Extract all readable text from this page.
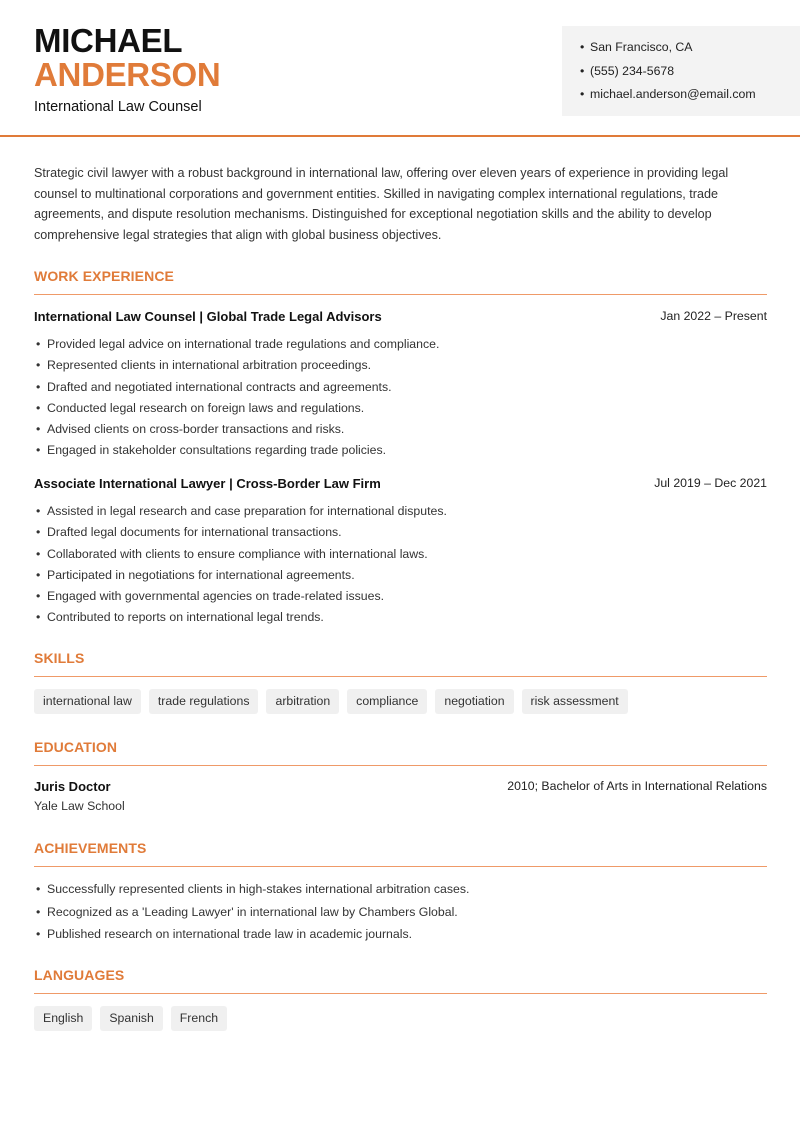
MICHAEL
ANDERSON
International Law Counsel
• San Francisco, CA
• (555) 234-5678
• michael.anderson@email.com

Strategic civil lawyer with a robust background in international law, offering over eleven years of experience in providing legal counsel to multinational corporations and government entities. Skilled in navigating complex international regulations, trade agreements, and dispute resolution mechanisms. Distinguished for exceptional negotiation skills and the ability to develop comprehensive legal strategies that align with global business objectives.

WORK EXPERIENCE
International Law Counsel | Global Trade Legal Advisors	Jan 2022 – Present
• Provided legal advice on international trade regulations and compliance.
• Represented clients in international arbitration proceedings.
• Drafted and negotiated international contracts and agreements.
• Conducted legal research on foreign laws and regulations.
• Advised clients on cross-border transactions and risks.
• Engaged in stakeholder consultations regarding trade policies.
Associate International Lawyer | Cross-Border Law Firm	Jul 2019 – Dec 2021
• Assisted in legal research and case preparation for international disputes.
• Drafted legal documents for international transactions.
• Collaborated with clients to ensure compliance with international laws.
• Participated in negotiations for international agreements.
• Engaged with governmental agencies on trade-related issues.
• Contributed to reports on international legal trends.
SKILLS
international law	trade regulations	arbitration	compliance	negotiation	risk assessment
EDUCATION
Juris Doctor
Yale Law School
2010; Bachelor of Arts in International Relations
ACHIEVEMENTS
• Successfully represented clients in high-stakes international arbitration cases.
• Recognized as a 'Leading Lawyer' in international law by Chambers Global.
• Published research on international trade law in academic journals.
LANGUAGES
English	Spanish	French
